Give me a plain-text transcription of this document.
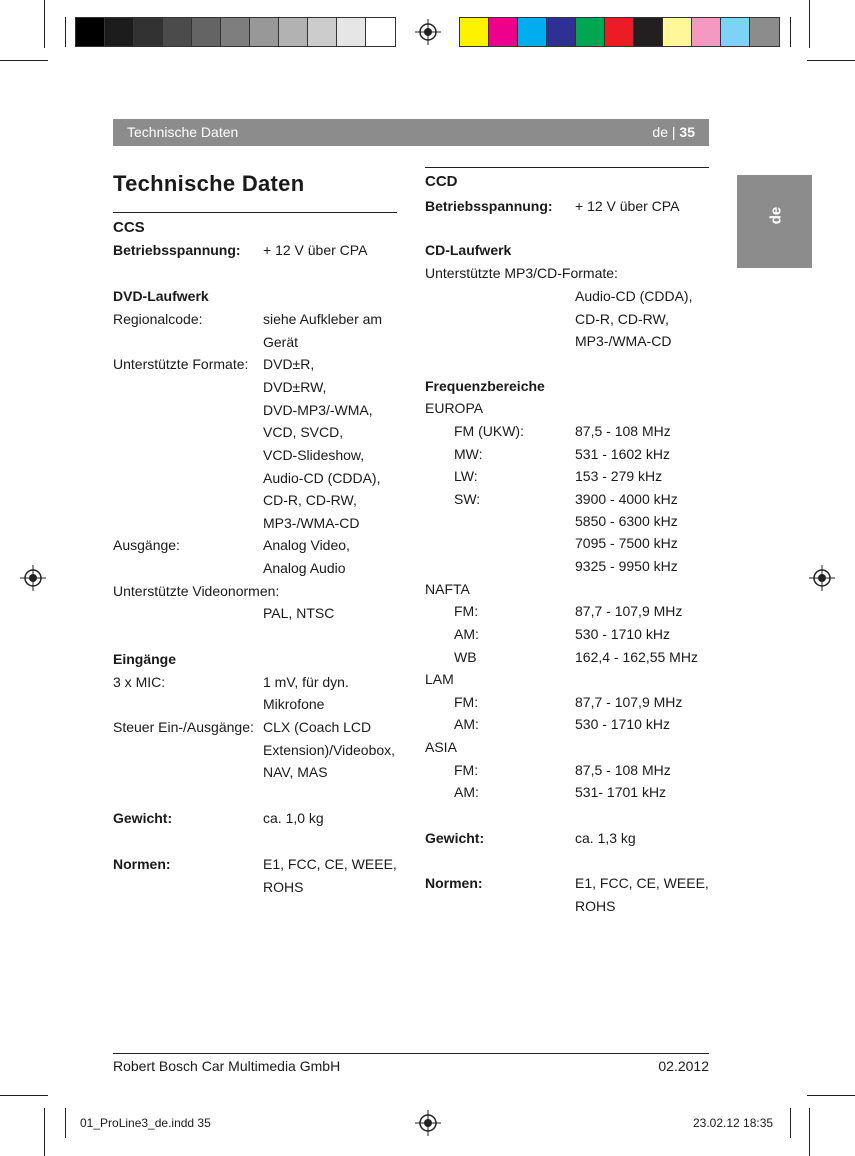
Technische Daten	de | 35
de
Technische Daten
CCS
CCD
Betriebsspannung: + 12 V über CPA
DVD-Laufwerk
Regionalcode:	siehe Aufkleber am
Gerät
Unterstützte Formate: DVD±R,
DVD±RW,
DVD-MP3/-WMA,
VCD, SVCD,
VCD-Slideshow,
Audio-CD (CDDA),
CD-R, CD-RW,
MP3-/WMA-CD
Ausgänge:	Analog Video,
Analog Audio
Unterstützte Videonormen:
PAL, NTSC
Eingänge
3 x MIC:	1 mV, für dyn.
Mikrofone
Steuer Ein-/Ausgänge: CLX (Coach LCD
Extension)/Videobox,
NAV, MAS
Gewicht:	ca. 1,0 kg
Normen:	E1, FCC, CE, WEEE,
ROHS
Betriebsspannung: + 12 V über CPA
CD-Laufwerk
Unterstützte MP3/CD-Formate:
Audio-CD (CDDA),
CD-R, CD-RW,
MP3-/WMA-CD
Frequenzbereiche
EUROPA
FM (UKW):	87,5 - 108 MHz
MW:	531 - 1602 kHz
LW:	153 - 279 kHz
SW:	3900 - 4000 kHz
5850 - 6300 kHz
7095 - 7500 kHz
9325 - 9950 kHz
NAFTA
FM:	87,7 - 107,9 MHz
AM:	530 - 1710 kHz
WB	162,4 - 162,55 MHz
LAM
FM:	87,7 - 107,9 MHz
AM:	530 - 1710 kHz
ASIA
FM:	87,5 - 108 MHz
AM:	531- 1701 kHz
Gewicht:	ca. 1,3 kg
Normen:	E1, FCC, CE, WEEE,
ROHS
Robert Bosch Car Multimedia GmbH	02.2012
01_ProLine3_de.indd 35	23.02.12 18:35
